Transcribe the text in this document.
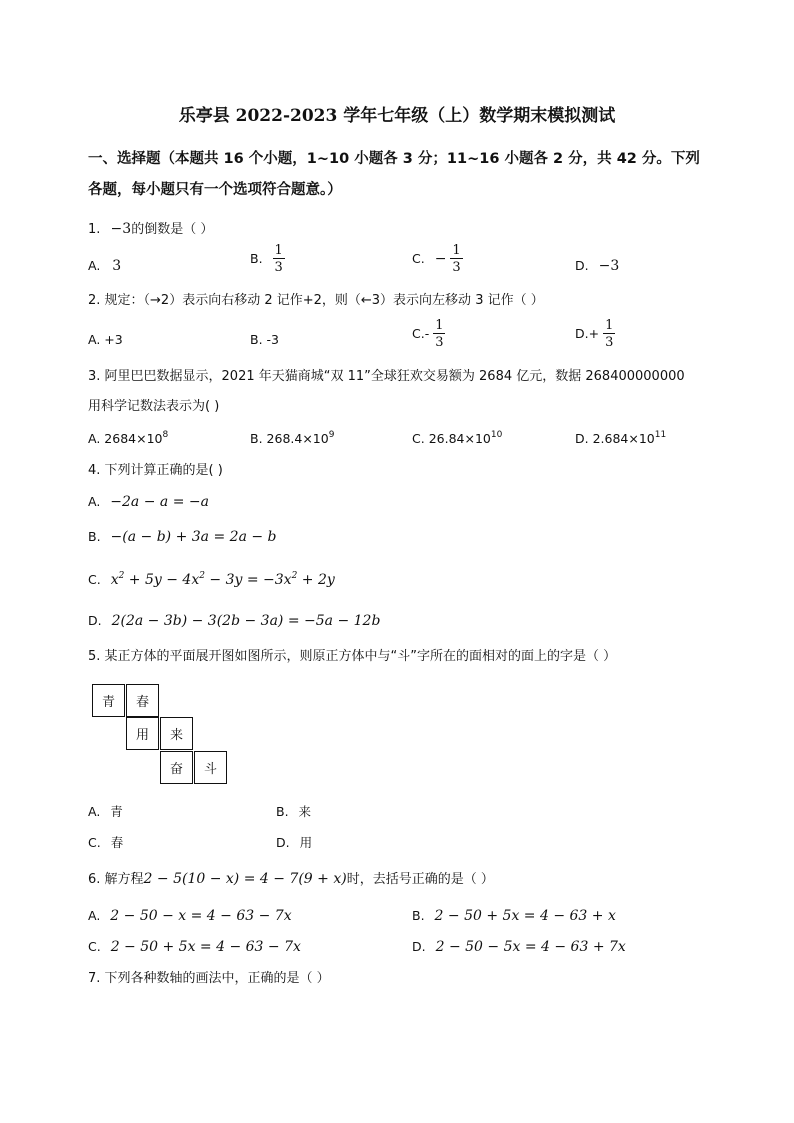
乐亭县 2022-2023 学年七年级（上）数学期末模拟测试
一、选择题（本题共 16 个小题，1~10 小题各 3 分；11~16 小题各 2 分，共 42 分。下列
各题，每小题只有一个选项符合题意。）
1. −3的倒数是（ ）
A. 3	B. $\frac{1}{3}$	C. − $\frac{1}{3}$	D. −3
2. 规定：（→2）表示向右移动 2 记作+2，则（←3）表示向左移动 3 记作（ ）
A. +3	B. -3	$C.- \frac{1}{3}$	$D.+ \frac{1}{3}$
3. 阿里巴巴数据显示，2021 年天猫商城“双 11”全球狂欢交易额为 2684 亿元，数据 268400000000
用科学记数法表示为( )
A. $2684\times 10^8$	B. $268.4\times 10^9$	C. $26.84\times 10^{10}$	D. $2.684\times 10^{11}$
4. 下列计算正确的是( )
A. −2a − a = −a
B. −(a − b) + 3a = 2a − b
C. $x^2 + 5y - 4x^2 - 3y = -3x^2 + 2y$
D. 2(2a − 3b) − 3(2b − 3a) = −5a − 12b
5. 某正方体的平面展开图如图所示，则原正方体中与“斗”字所在的面相对的面上的字是（ ）
青	春
用	来
奋	斗
A. 青	B. 来
C. 春	D. 用
6. 解方程2 − 5(10 − x) = 4 − 7(9 + x)时，去括号正确的是（ ）
A. 2 − 50 − x = 4 − 63 − 7x	B. 2 − 50 + 5x = 4 − 63 + x
C. 2 − 50 + 5x = 4 − 63 − 7x	D. 2 − 50 − 5x = 4 − 63 + 7x
7. 下列各种数轴的画法中，正确的是（ ）
